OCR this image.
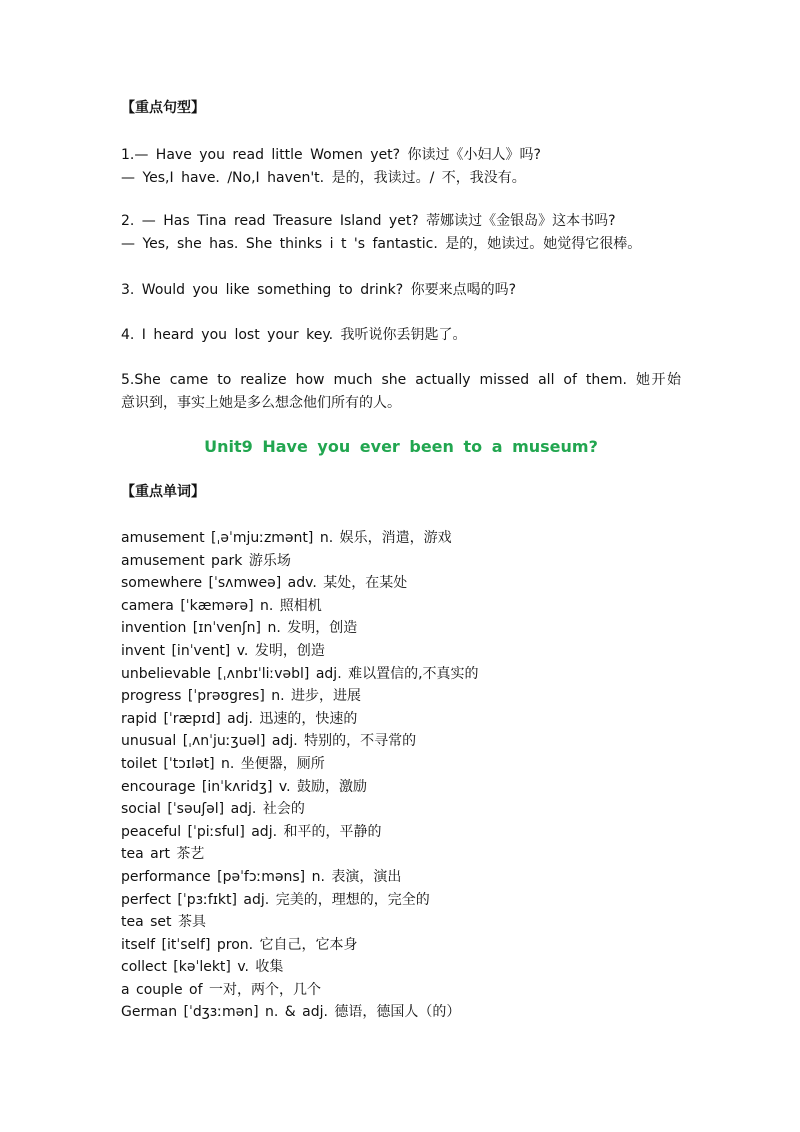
【重点句型】
1.— Have you read little Women yet? 你读过《小妇人》吗?
— Yes,I have. /No,I haven't. 是的，我读过。/ 不，我没有。
2. — Has Tina read Treasure Island yet? 蒂娜读过《金银岛》这本书吗?
— Yes, she has. She thinks i t 's fantastic. 是的，她读过。她觉得它很棒。
3. Would you like something to drink? 你要来点喝的吗?
4. I heard you lost your key. 我听说你丢钥匙了。
5.She came to realize how much she actually missed all of them. 她开始
意识到，事实上她是多么想念他们所有的人。
Unit9 Have you ever been to a museum?
【重点单词】
amusement [ˌəˈmjuːzmənt] n. 娱乐，消遣，游戏
amusement park 游乐场
somewhere [ˈsʌmweə] adv. 某处，在某处
camera [ˈkæmərə] n. 照相机
invention [ɪnˈvenʃn] n. 发明，创造
invent [inˈvent] v. 发明，创造
unbelievable [ˌʌnbɪˈliːvəbl] adj. 难以置信的,不真实的
progress [ˈprəʊgres] n. 进步，进展
rapid [ˈræpɪd] adj. 迅速的，快速的
unusual [ˌʌnˈjuːʒuəl] adj. 特别的，不寻常的
toilet [ˈtɔɪlət] n. 坐便器，厕所
encourage [inˈkʌridʒ] v. 鼓励，激励
social [ˈsəuʃəl] adj. 社会的
peaceful [ˈpiːsful] adj. 和平的，平静的
tea art 茶艺
performance [pəˈfɔːməns] n. 表演，演出
perfect [ˈpɜːfɪkt] adj. 完美的，理想的，完全的
tea set 茶具
itself [itˈself] pron. 它自己，它本身
collect [kəˈlekt] v. 收集
a couple of 一对，两个，几个
German [ˈdʒɜːmən] n. & adj. 德语，德国人（的）
